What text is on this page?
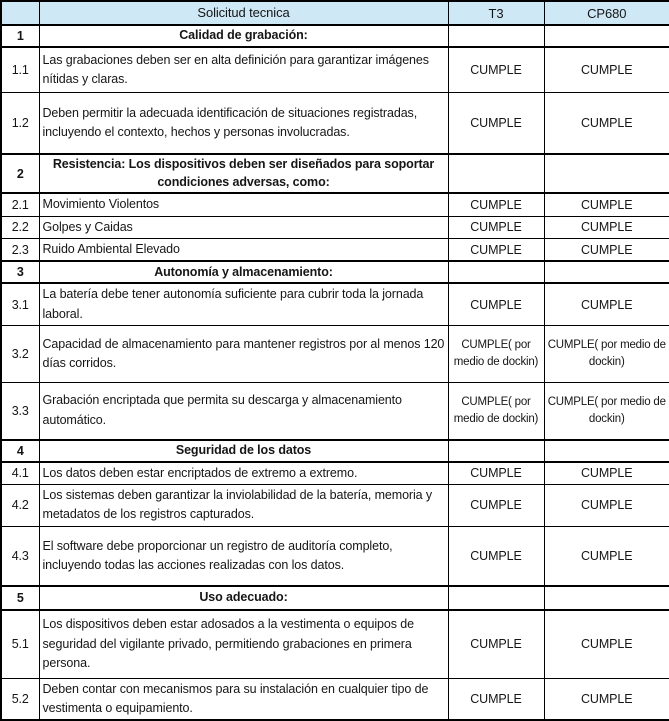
	Solicitud tecnica	T3	CP680
1	Calidad de grabación:		
1.1	Las grabaciones deben ser en alta definición para garantizar imágenes nítidas y claras.	CUMPLE	CUMPLE
1.2	Deben permitir la adecuada identificación de situaciones registradas, incluyendo el contexto, hechos y personas involucradas.	CUMPLE	CUMPLE
2	Resistencia: Los dispositivos deben ser diseñados para soportar condiciones adversas, como:		
2.1	Movimiento Violentos	CUMPLE	CUMPLE
2.2	Golpes y Caidas	CUMPLE	CUMPLE
2.3	Ruido Ambiental Elevado	CUMPLE	CUMPLE
3	Autonomía y almacenamiento:		
3.1	La batería debe tener autonomía suficiente para cubrir toda la jornada laboral.	CUMPLE	CUMPLE
3.2	Capacidad de almacenamiento para mantener registros por al menos 120 días corridos.	CUMPLE( por medio de dockin)	CUMPLE( por medio de dockin)
3.3	Grabación encriptada que permita su descarga y almacenamiento automático.	CUMPLE( por medio de dockin)	CUMPLE( por medio de dockin)
4	Seguridad de los datos		
4.1	Los datos deben estar encriptados de extremo a extremo.	CUMPLE	CUMPLE
4.2	Los sistemas deben garantizar la inviolabilidad de la batería, memoria y metadatos de los registros capturados.	CUMPLE	CUMPLE
4.3	El software debe proporcionar un registro de auditoría completo, incluyendo todas las acciones realizadas con los datos.	CUMPLE	CUMPLE
5	Uso adecuado:		
5.1	Los dispositivos deben estar adosados a la vestimenta o equipos de seguridad del vigilante privado, permitiendo grabaciones en primera persona.	CUMPLE	CUMPLE
5.2	Deben contar con mecanismos para su instalación en cualquier tipo de vestimenta o equipamiento.	CUMPLE	CUMPLE
